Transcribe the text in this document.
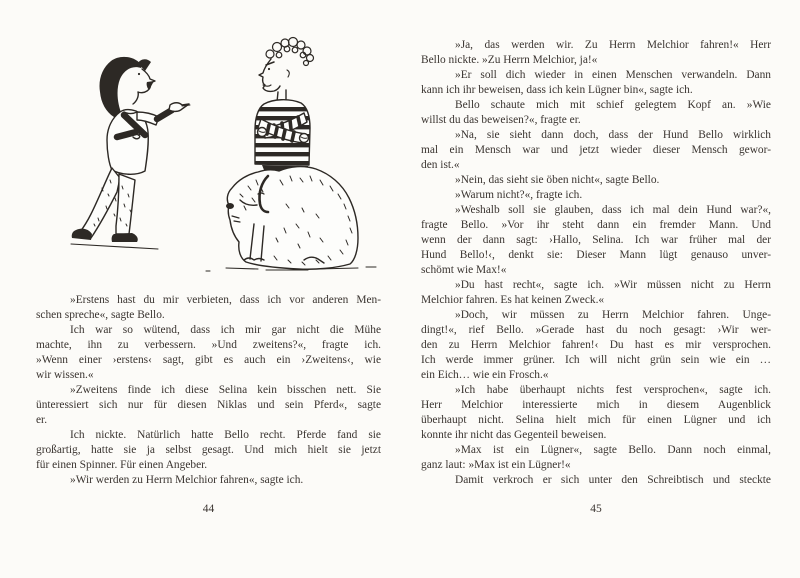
»Erstens hast du mir verbieten, dass ich vor anderen Men-
schen spreche«, sagte Bello.
Ich war so wütend, dass ich mir gar nicht die Mühe
machte, ihn zu verbessern. »Und zweitens?«, fragte ich.
»Wenn einer ›erstens‹ sagt, gibt es auch ein ›Zweitens‹, wie
wir wissen.«
»Zweitens finde ich diese Selina kein bisschen nett. Sie
ünteressiert sich nur für diesen Niklas und sein Pferd«, sagte
er.
Ich nickte. Natürlich hatte Bello recht. Pferde fand sie
großartig, hatte sie ja selbst gesagt. Und mich hielt sie jetzt
für einen Spinner. Für einen Angeber.
»Wir werden zu Herrn Melchior fahren«, sagte ich.
»Ja, das werden wir. Zu Herrn Melchior fahren!« Herr
Bello nickte. »Zu Herrn Melchior, ja!«
»Er soll dich wieder in einen Menschen verwandeln. Dann
kann ich ihr beweisen, dass ich kein Lügner bin«, sagte ich.
Bello schaute mich mit schief gelegtem Kopf an. »Wie
willst du das beweisen?«, fragte er.
»Na, sie sieht dann doch, dass der Hund Bello wirklich
mal ein Mensch war und jetzt wieder dieser Mensch gewor-
den ist.«
»Nein, das sieht sie öben nicht«, sagte Bello.
»Warum nicht?«, fragte ich.
»Weshalb soll sie glauben, dass ich mal dein Hund war?«,
fragte Bello. »Vor ihr steht dann ein fremder Mann. Und
wenn der dann sagt: ›Hallo, Selina. Ich war früher mal der
Hund Bello!‹, denkt sie: Dieser Mann lügt genauso unver-
schömt wie Max!«
»Du hast recht«, sagte ich. »Wir müssen nicht zu Herrn
Melchior fahren. Es hat keinen Zweck.«
»Doch, wir müssen zu Herrn Melchior fahren. Unge-
dingt!«, rief Bello. »Gerade hast du noch gesagt: ›Wir wer-
den zu Herrn Melchior fahren!‹ Du hast es mir versprochen.
Ich werde immer grüner. Ich will nicht grün sein wie ein …
ein Eich… wie ein Frosch.«
»Ich habe überhaupt nichts fest versprochen«, sagte ich.
Herr Melchior interessierte mich in diesem Augenblick
überhaupt nicht. Selina hielt mich für einen Lügner und ich
konnte ihr nicht das Gegenteil beweisen.
»Max ist ein Lügner«, sagte Bello. Dann noch einmal,
ganz laut: »Max ist ein Lügner!«
Damit verkroch er sich unter den Schreibtisch und steckte
44	45
